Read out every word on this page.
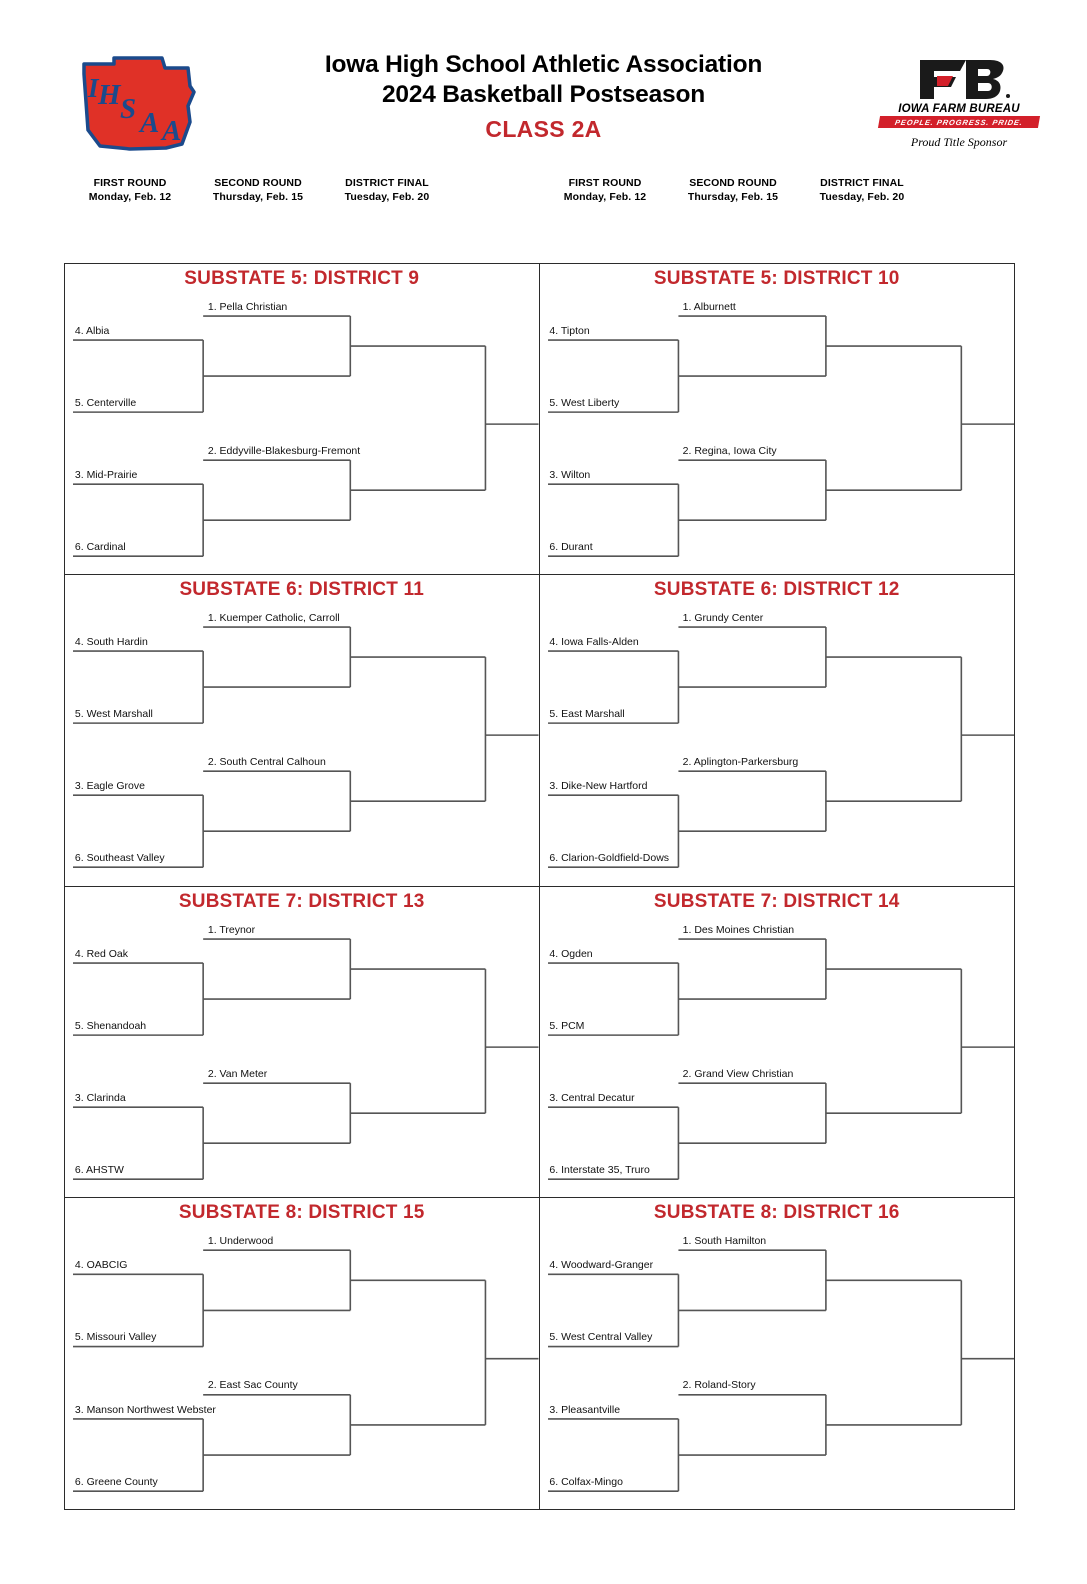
I H S A A
Iowa High School Athletic Association
2024 Basketball Postseason
CLASS 2A
IOWA FARM BUREAU
PEOPLE. PROGRESS. PRIDE.
Proud Title Sponsor
FIRST ROUND
Monday, Feb. 12
SECOND ROUND
Thursday, Feb. 15
DISTRICT FINAL
Tuesday, Feb. 20
FIRST ROUND
Monday, Feb. 12
SECOND ROUND
Thursday, Feb. 15
DISTRICT FINAL
Tuesday, Feb. 20
SUBSTATE 5: DISTRICT 9
1. Pella Christian
2. Eddyville-Blakesburg-Fremont
4. Albia
5. Centerville
3. Mid-Prairie
6. Cardinal
SUBSTATE 5: DISTRICT 10
1. Alburnett
2. Regina, Iowa City
4. Tipton
5. West Liberty
3. Wilton
6. Durant
SUBSTATE 6: DISTRICT 11
1. Kuemper Catholic, Carroll
2. South Central Calhoun
4. South Hardin
5. West Marshall
3. Eagle Grove
6. Southeast Valley
SUBSTATE 6: DISTRICT 12
1. Grundy Center
2. Aplington-Parkersburg
4. Iowa Falls-Alden
5. East Marshall
3. Dike-New Hartford
6. Clarion-Goldfield-Dows
SUBSTATE 7: DISTRICT 13
1. Treynor
2. Van Meter
4. Red Oak
5. Shenandoah
3. Clarinda
6. AHSTW
SUBSTATE 7: DISTRICT 14
1. Des Moines Christian
2. Grand View Christian
4. Ogden
5. PCM
3. Central Decatur
6. Interstate 35, Truro
SUBSTATE 8: DISTRICT 15
1. Underwood
2. East Sac County
4. OABCIG
5. Missouri Valley
3. Manson Northwest Webster
6. Greene County
SUBSTATE 8: DISTRICT 16
1. South Hamilton
2. Roland-Story
4. Woodward-Granger
5. West Central Valley
3. Pleasantville
6. Colfax-Mingo
